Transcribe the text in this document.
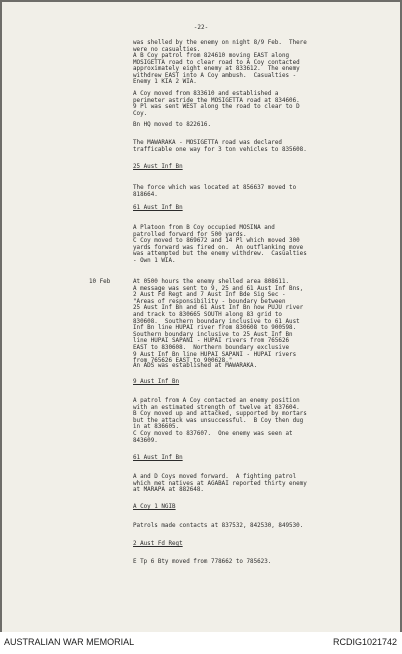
-22-
10 Feb
was shelled by the enemy on night 8/9 Feb.  There
were no casualties.
A B Coy patrol from 824610 moving EAST along
MOSIGETTA road to clear road to A Coy contacted
approximately eight enemy at 833612.  The enemy
withdrew EAST into A Coy ambush.  Casualties -
Enemy 1 KIA 2 WIA.
A Coy moved from 833610 and established a
perimeter astride the MOSIGETTA road at 834606.
9 Pl was sent WEST along the road to clear to D
Coy.
Bn HQ moved to 822616.
The MAWARAKA - MOSIGETTA road was declared
trafficable one way for 3 ton vehicles to 835608.
25 Aust Inf Bn
The force which was located at 856637 moved to
818664.
61 Aust Inf Bn
A Platoon from B Coy occupied MOSINA and
patrolled forward for 500 yards.
C Coy moved to 869672 and 14 Pl which moved 300
yards forward was fired on.  An outflanking move
was attempted but the enemy withdrew.  Casualties
- Own 1 WIA.
At 0500 hours the enemy shelled area 808611.
A message was sent to 9, 25 and 61 Aust Inf Bns,
2 Aust Fd Regt and 7 Aust Inf Bde Sig Sec -
"Areas of responsibility - boundary between
25 Aust Inf Bn and 61 Aust Inf Bn now PUJU river
and track to 830665 SOUTH along 83 grid to
830608.  Southern boundary inclusive to 61 Aust
Inf Bn line HUPAI river from 830608 to 900598.
Southern boundary inclusive to 25 Aust Inf Bn
line HUPAI SAPANI - HUPAI rivers from 765626
EAST to 830608.  Northern boundary exclusive
9 Aust Inf Bn line HUPAI SAPANI - HUPAI rivers
from 765626 EAST to 900628."
An ADS was established at MAWARAKA.
9 Aust Inf Bn
A patrol from A Coy contacted an enemy position
with an estimated strength of twelve at 837604.
B Coy moved up and attacked, supported by mortars
but the attack was unsuccessful.  B Coy then dug
in at 836605.
C Coy moved to 837607.  One enemy was seen at
843609.
61 Aust Inf Bn
A and D Coys moved forward.  A fighting patrol
which met natives at AGABAI reported thirty enemy
at MARAPA at 882648.
A Coy 1 NGIB
Patrols made contacts at 837532, 842530, 849530.
2 Aust Fd Regt
E Tp 6 Bty moved from 778662 to 785623.
AUSTRALIAN WAR MEMORIAL	RCDIG1021742
